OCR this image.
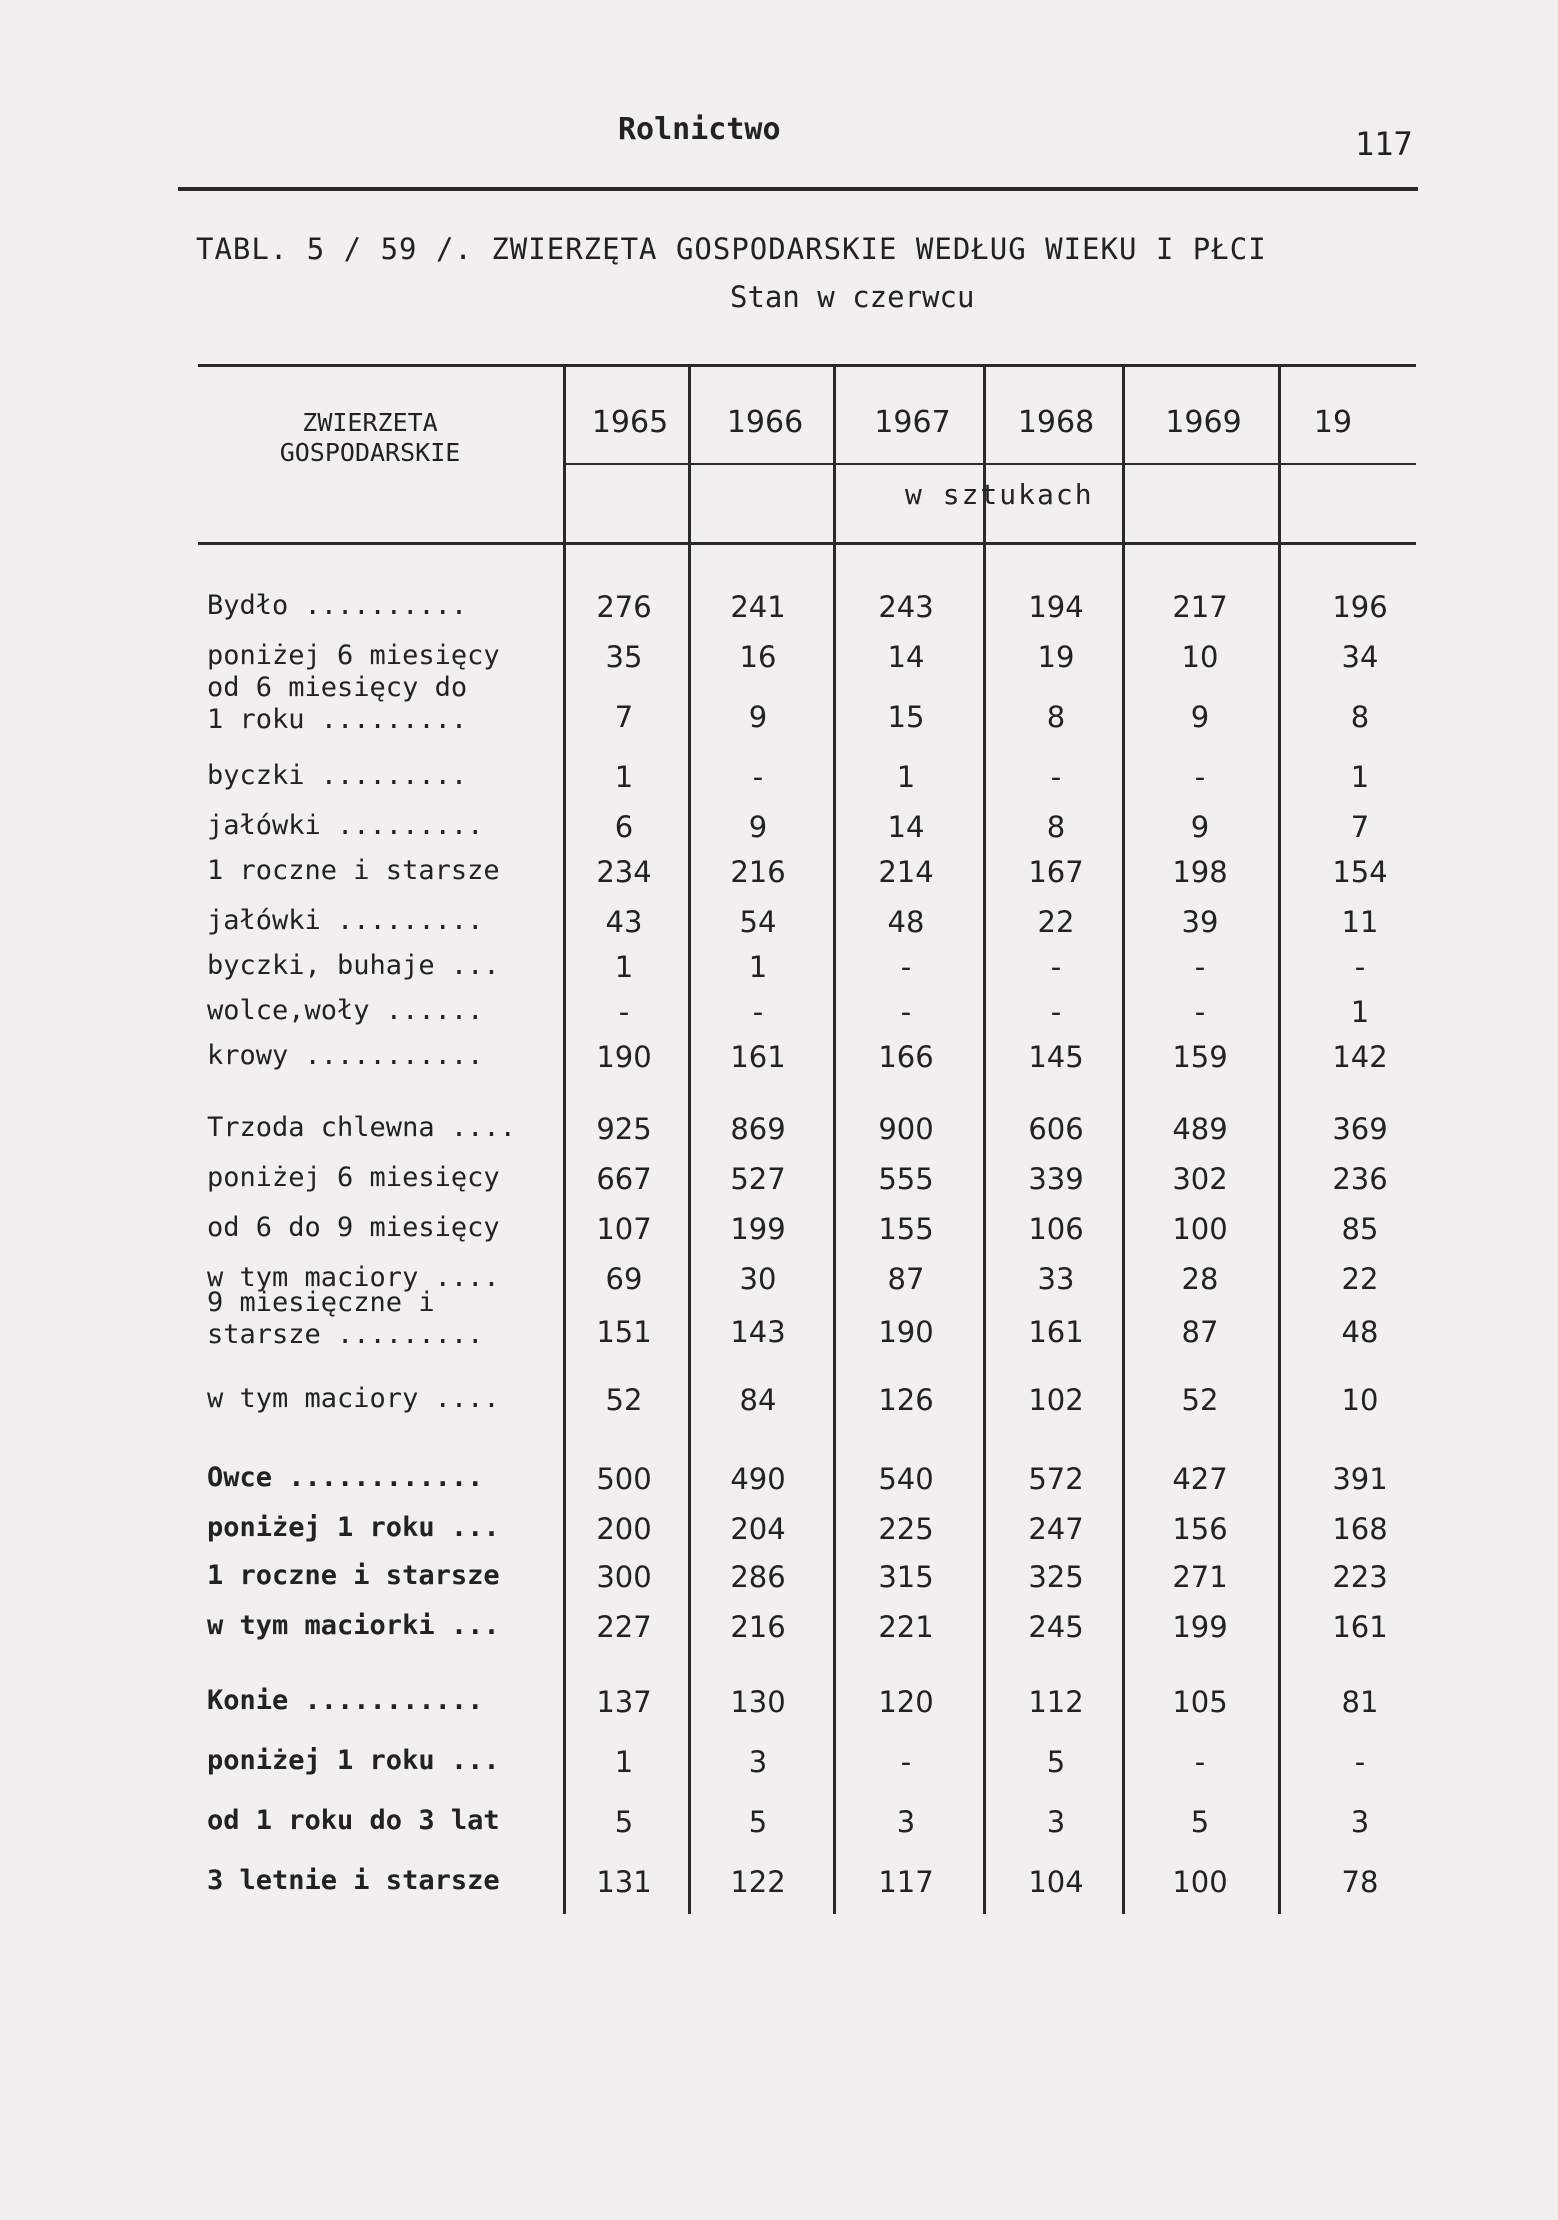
Rolnictwo	117
TABL. 5 / 59 /. ZWIERZĘTA GOSPODARSKIE WEDŁUG WIEKU I PŁCI
Stan w czerwcu
ZWIERZETA
GOSPODARSKIE
1965	1966	1967	1968	1969	19
w sztukach
Bydło ..........	276	241	243	194	217	196
poniżej 6 miesięcy	35	16	14	19	10	34
od 6 miesięcy do
1 roku .........	7	9	15	8	9	8
byczki .........	1	-	1	-	-	1
jałówki .........	6	9	14	8	9	7
1 roczne i starsze	234	216	214	167	198	154
jałówki .........	43	54	48	22	39	11
byczki, buhaje ...	1	1	-	-	-	-
wolce,woły ......	-	-	-	-	-	1
krowy ...........	190	161	166	145	159	142
Trzoda chlewna ....	925	869	900	606	489	369
poniżej 6 miesięcy	667	527	555	339	302	236
od 6 do 9 miesięcy	107	199	155	106	100	85
w tym maciory ....	69	30	87	33	28	22
9 miesięczne i
starsze .........	151	143	190	161	87	48
w tym maciory ....	52	84	126	102	52	10
Owce ............	500	490	540	572	427	391
poniżej 1 roku ...	200	204	225	247	156	168
1 roczne i starsze	300	286	315	325	271	223
w tym maciorki ...	227	216	221	245	199	161
Konie ...........	137	130	120	112	105	81
poniżej 1 roku ...	1	3	-	5	-	-
od 1 roku do 3 lat	5	5	3	3	5	3
3 letnie i starsze	131	122	117	104	100	78
